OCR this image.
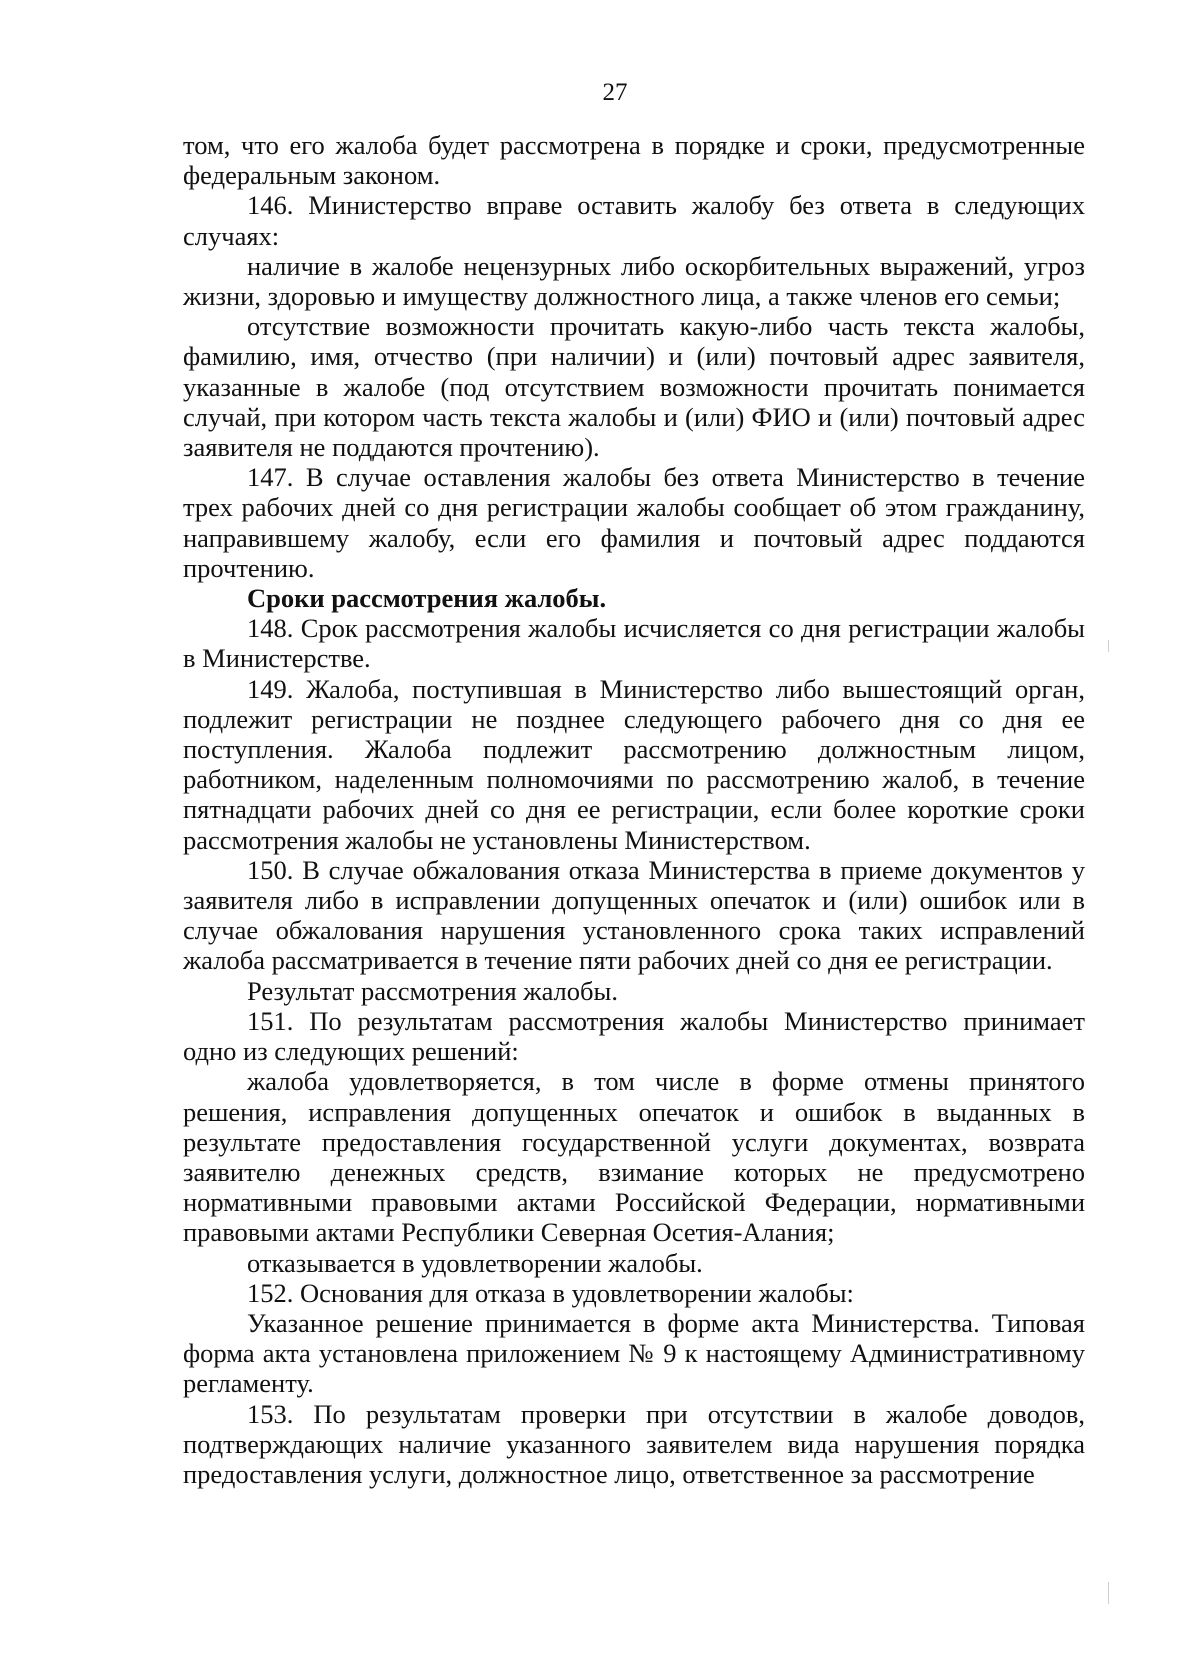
27

том, что его жалоба будет рассмотрена в порядке и сроки, предусмотренные федеральным законом.

146. Министерство вправе оставить жалобу без ответа в следующих случаях:

наличие в жалобе нецензурных либо оскорбительных выражений, угроз жизни, здоровью и имуществу должностного лица, а также членов его семьи;

отсутствие возможности прочитать какую-либо часть текста жалобы, фамилию, имя, отчество (при наличии) и (или) почтовый адрес заявителя, указанные в жалобе (под отсутствием возможности прочитать понимается случай, при котором часть текста жалобы и (или) ФИО и (или) почтовый адрес заявителя не поддаются прочтению).

147. В случае оставления жалобы без ответа Министерство в течение трех рабочих дней со дня регистрации жалобы сообщает об этом гражданину, направившему жалобу, если его фамилия и почтовый адрес поддаются прочтению.

Сроки рассмотрения жалобы.

148. Срок рассмотрения жалобы исчисляется со дня регистрации жалобы в Министерстве.

149. Жалоба, поступившая в Министерство либо вышестоящий орган, подлежит регистрации не позднее следующего рабочего дня со дня ее поступления. Жалоба подлежит рассмотрению должностным лицом, работником, наделенным полномочиями по рассмотрению жалоб, в течение пятнадцати рабочих дней со дня ее регистрации, если более короткие сроки рассмотрения жалобы не установлены Министерством.

150. В случае обжалования отказа Министерства в приеме документов у заявителя либо в исправлении допущенных опечаток и (или) ошибок или в случае обжалования нарушения установленного срока таких исправлений жалоба рассматривается в течение пяти рабочих дней со дня ее регистрации.

Результат рассмотрения жалобы.

151. По результатам рассмотрения жалобы Министерство принимает одно из следующих решений:

жалоба удовлетворяется, в том числе в форме отмены принятого решения, исправления допущенных опечаток и ошибок в выданных в результате предоставления государственной услуги документах, возврата заявителю денежных средств, взимание которых не предусмотрено нормативными правовыми актами Российской Федерации, нормативными правовыми актами Республики Северная Осетия-Алания;

отказывается в удовлетворении жалобы.

152. Основания для отказа в удовлетворении жалобы:

Указанное решение принимается в форме акта Министерства. Типовая форма акта установлена приложением № 9 к настоящему Административному регламенту.

153. По результатам проверки при отсутствии в жалобе доводов, подтверждающих наличие указанного заявителем вида нарушения порядка предоставления услуги, должностное лицо, ответственное за рассмотрение
